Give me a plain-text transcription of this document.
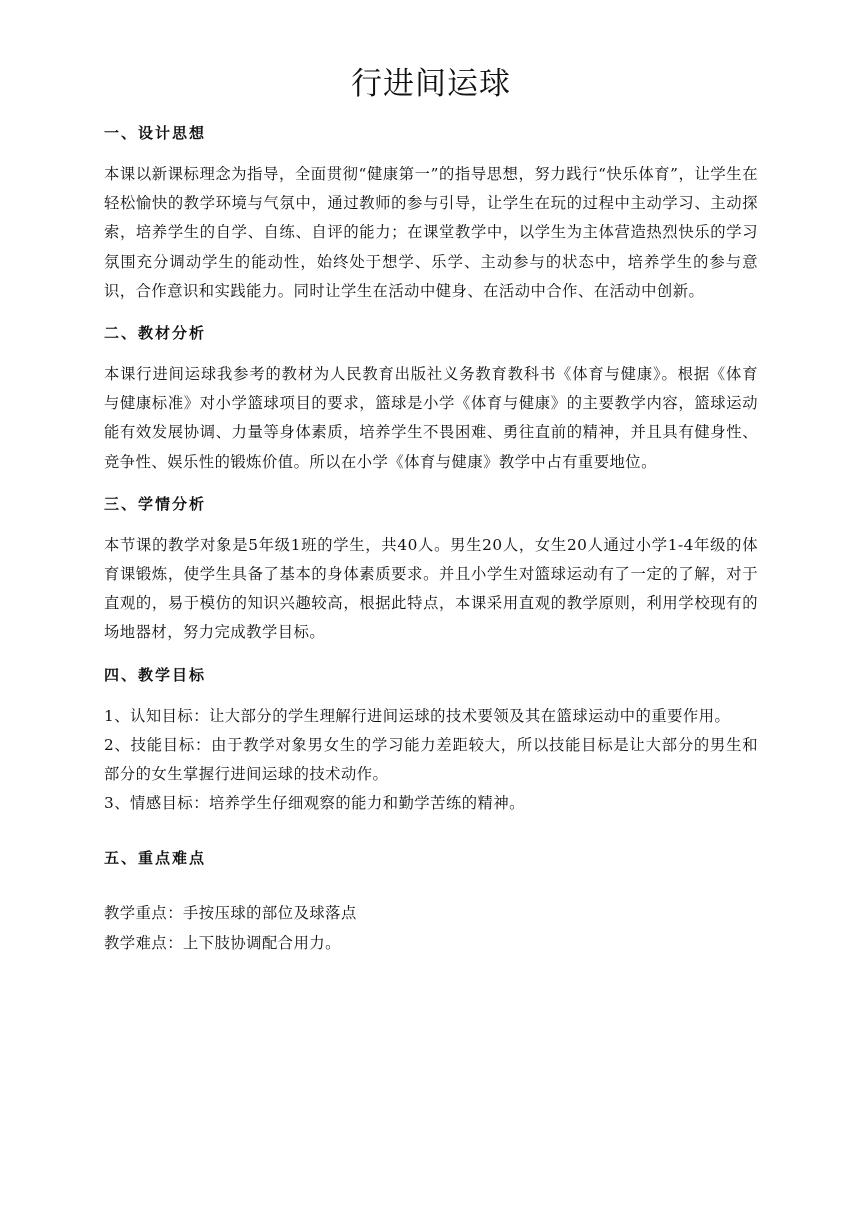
行进间运球
一、设计思想

本课以新课标理念为指导，全面贯彻“健康第一”的指导思想，努力践行“快乐体育”，让学生在轻松愉快的教学环境与气氛中，通过教师的参与引导，让学生在玩的过程中主动学习、主动探索，培养学生的自学、自练、自评的能力；在课堂教学中，以学生为主体营造热烈快乐的学习氛围充分调动学生的能动性，始终处于想学、乐学、主动参与的状态中，培养学生的参与意识，合作意识和实践能力。同时让学生在活动中健身、在活动中合作、在活动中创新。

二、教材分析

本课行进间运球我参考的教材为人民教育出版社义务教育教科书《体育与健康》。根据《体育与健康标准》对小学篮球项目的要求，篮球是小学《体育与健康》的主要教学内容，篮球运动能有效发展协调、力量等身体素质，培养学生不畏困难、勇往直前的精神，并且具有健身性、竞争性、娱乐性的锻炼价值。所以在小学《体育与健康》教学中占有重要地位。

三、学情分析

本节课的教学对象是5年级1班的学生，共40人。男生20人，女生20人通过小学1-4年级的体育课锻炼，使学生具备了基本的身体素质要求。并且小学生对篮球运动有了一定的了解，对于直观的，易于模仿的知识兴趣较高，根据此特点，本课采用直观的教学原则，利用学校现有的场地器材，努力完成教学目标。

四、教学目标

1、认知目标：让大部分的学生理解行进间运球的技术要领及其在篮球运动中的重要作用。

2、技能目标：由于教学对象男女生的学习能力差距较大，所以技能目标是让大部分的男生和部分的女生掌握行进间运球的技术动作。

3、情感目标：培养学生仔细观察的能力和勤学苦练的精神。

五、重点难点

教学重点：手按压球的部位及球落点

教学难点：上下肢协调配合用力。
